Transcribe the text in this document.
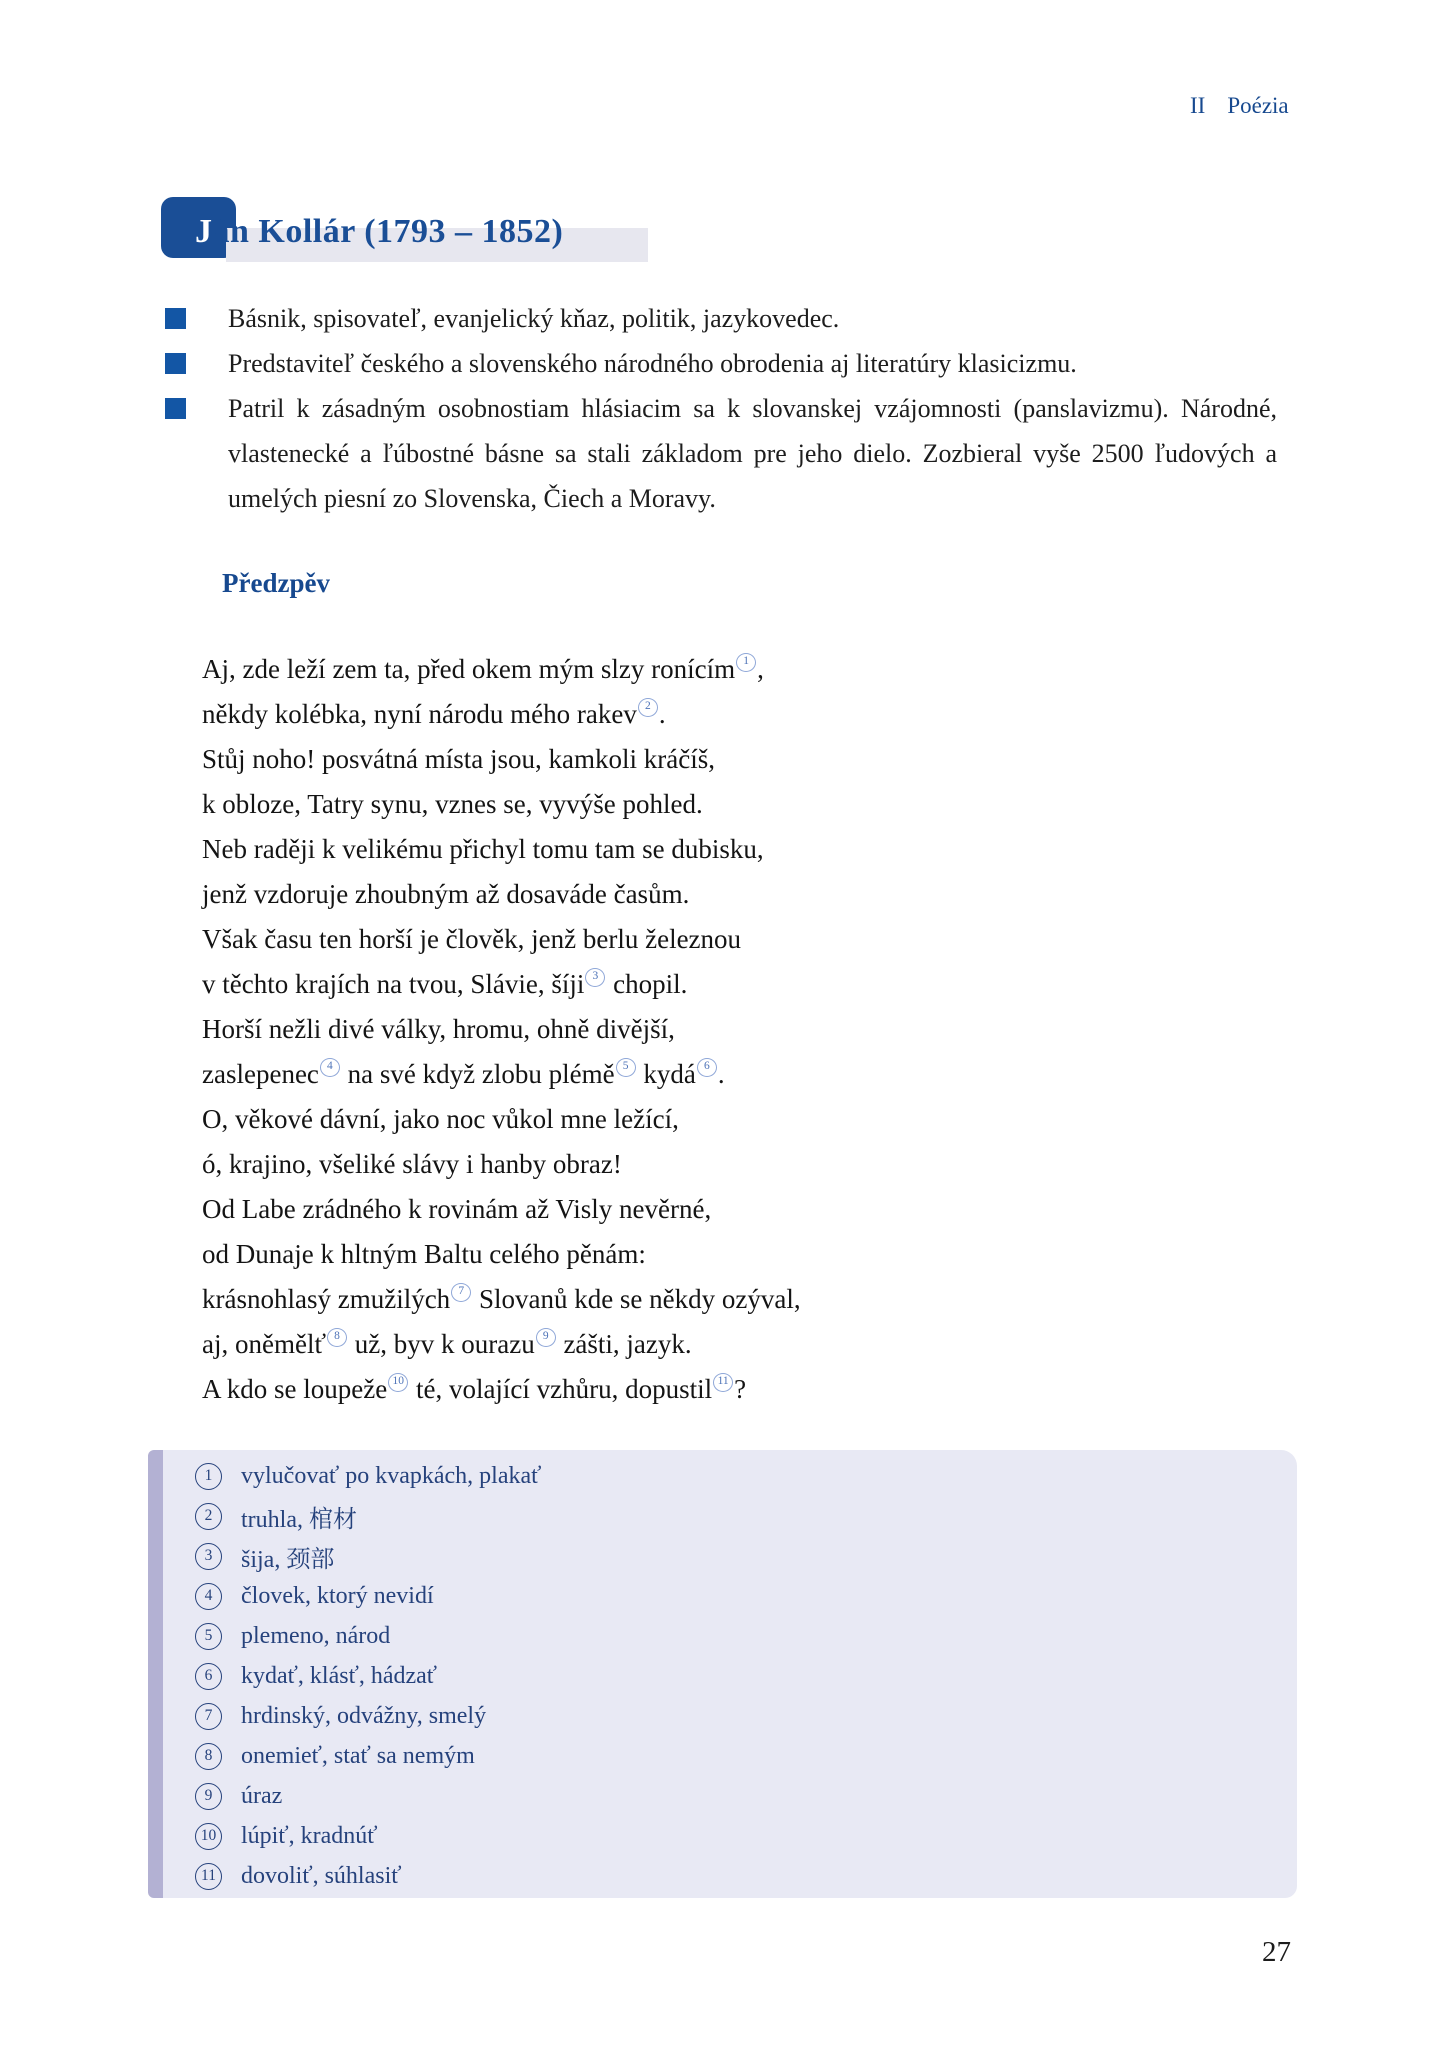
II Poézia
Ján Kollár (1793 – 1852)
Básnik, spisovateľ, evanjelický kňaz, politik, jazykovedec.
Predstaviteľ českého a slovenského národného obrodenia aj literatúry klasicizmu.
Patril k zásadným osobnostiam hlásiacim sa k slovanskej vzájomnosti (panslavizmu). Národné, vlastenecké a ľúbostné básne sa stali základom pre jeho dielo. Zozbieral vyše 2500 ľudových a umelých piesní zo Slovenska, Čiech a Moravy.
Předzpěv
Aj, zde leží zem ta, před okem mým slzy ronícím 1 ,
někdy kolébka, nyní národu mého rakev 2 .
Stůj noho! posvátná místa jsou, kamkoli kráčíš,
k obloze, Tatry synu, vznes se, vyvýše pohled.
Neb raději k velikému přichyl tomu tam se dubisku,
jenž vzdoruje zhoubným až dosaváde časům.
Však času ten horší je člověk, jenž berlu železnou
v těchto krajích na tvou, Slávie, šíji 3 chopil.
Horší nežli divé války, hromu, ohně divější,
zaslepenec 4 na své když zlobu plémě 5 kydá 6 .
O, věkové dávní, jako noc vůkol mne ležící,
ó, krajino, všeliké slávy i hanby obraz!
Od Labe zrádného k rovinám až Visly nevěrné,
od Dunaje k hltným Baltu celého pěnám:
krásnohlasý zmužilých 7 Slovanů kde se někdy ozýval,
aj, oněmělť 8 už, byv k ourazu 9 zášti, jazyk.
A kdo se loupeže 10 té, volající vzhůru, dopustil 11 ?
1	vylučovať po kvapkách, plakať
2	truhla, 棺材
3	šija, 颈部
4	človek, ktorý nevidí
5	plemeno, národ
6	kydať, klásť, hádzať
7	hrdinský, odvážny, smelý
8	onemieť, stať sa nemým
9	úraz
10 lúpiť, kradnúť
11 dovoliť, súhlasiť
27
